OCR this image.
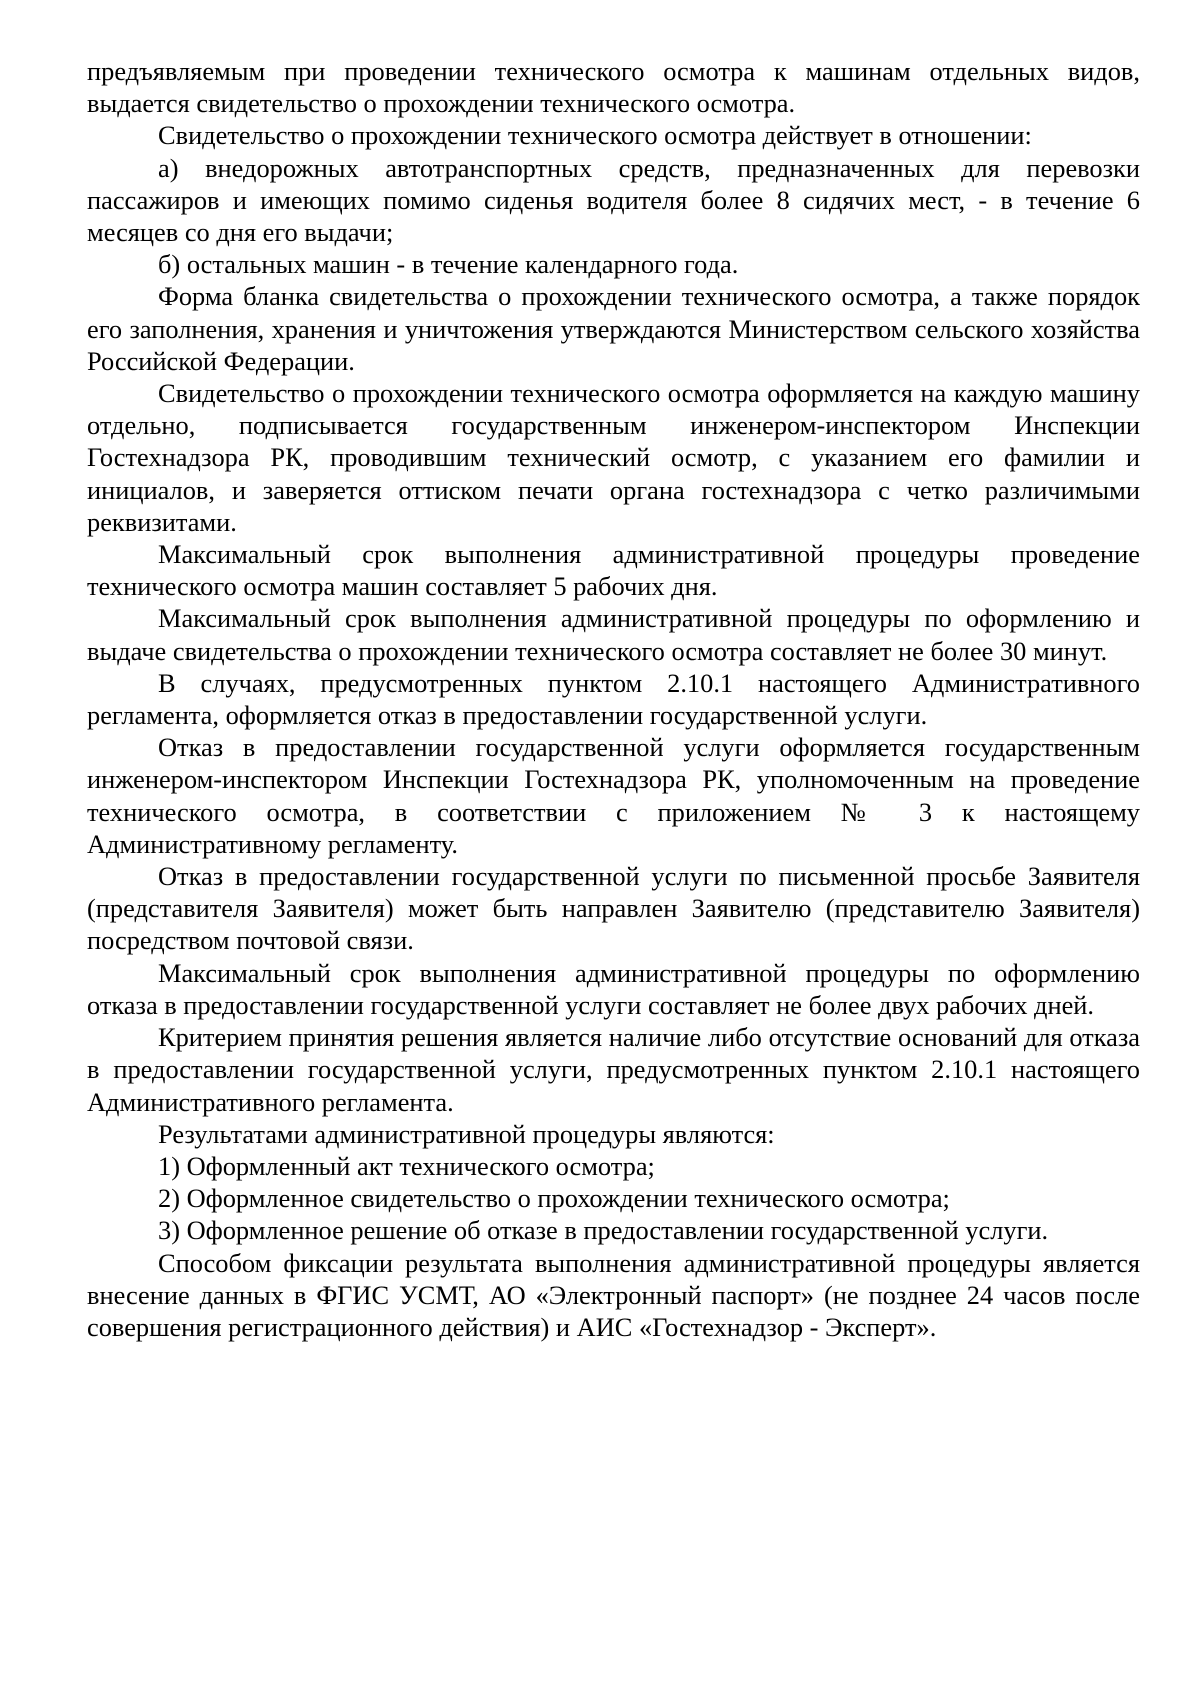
предъявляемым при проведении технического осмотра к машинам отдельных видов, выдается свидетельство о прохождении технического осмотра.

Свидетельство о прохождении технического осмотра действует в отношении:

а) внедорожных автотранспортных средств, предназначенных для перевозки пассажиров и имеющих помимо сиденья водителя более 8 сидячих мест, - в течение 6 месяцев со дня его выдачи;

б) остальных машин - в течение календарного года.

Форма бланка свидетельства о прохождении технического осмотра, а также порядок его заполнения, хранения и уничтожения утверждаются Министерством сельского хозяйства Российской Федерации.

Свидетельство о прохождении технического осмотра оформляется на каждую машину отдельно, подписывается государственным инженером-инспектором Инспекции Гостехнадзора РК, проводившим технический осмотр, с указанием его фамилии и инициалов, и заверяется оттиском печати органа гостехнадзора с четко различимыми реквизитами.

Максимальный срок выполнения административной процедуры проведение технического осмотра машин составляет 5 рабочих дня.

Максимальный срок выполнения административной процедуры по оформлению и выдаче свидетельства о прохождении технического осмотра составляет не более 30 минут.

В случаях, предусмотренных пунктом 2.10.1 настоящего Административного регламента, оформляется отказ в предоставлении государственной услуги.

Отказ в предоставлении государственной услуги оформляется государственным инженером-инспектором Инспекции Гостехнадзора РК, уполномоченным на проведение технического осмотра, в соответствии с приложением № 3 к настоящему Административному регламенту.

Отказ в предоставлении государственной услуги по письменной просьбе Заявителя (представителя Заявителя) может быть направлен Заявителю (представителю Заявителя) посредством почтовой связи.

Максимальный срок выполнения административной процедуры по оформлению отказа в предоставлении государственной услуги составляет не более двух рабочих дней.

Критерием принятия решения является наличие либо отсутствие оснований для отказа в предоставлении государственной услуги, предусмотренных пунктом 2.10.1 настоящего Административного регламента.

Результатами административной процедуры являются:

1) Оформленный акт технического осмотра;

2) Оформленное свидетельство о прохождении технического осмотра;

3) Оформленное решение об отказе в предоставлении государственной услуги.

Способом фиксации результата выполнения административной процедуры является внесение данных в ФГИС УСМТ, АО «Электронный паспорт» (не позднее 24 часов после совершения регистрационного действия) и АИС «Гостехнадзор - Эксперт».
